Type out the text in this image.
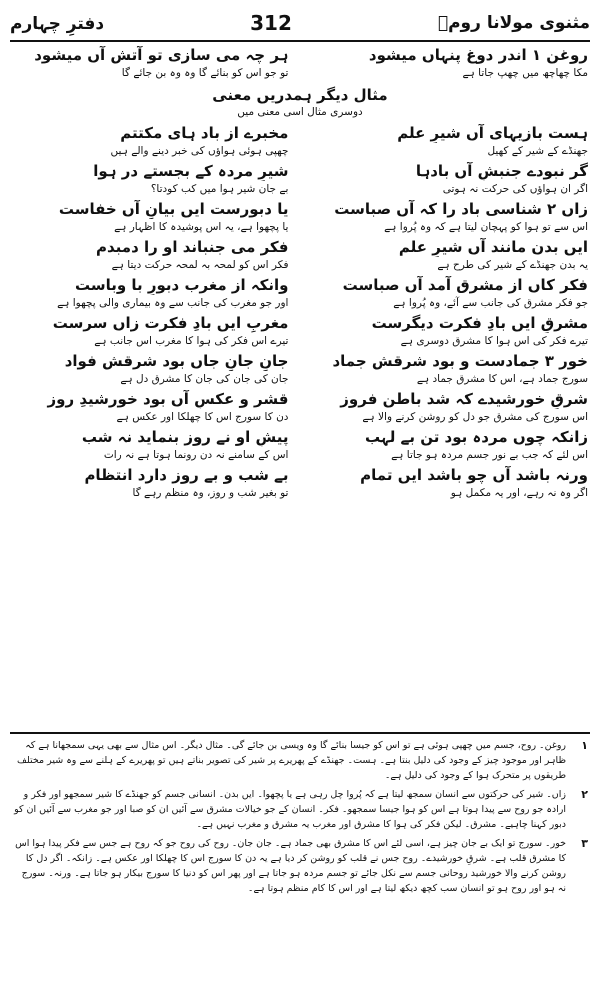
مثنوی مولانا رومؒ
312
دفترِ چہارم
روغن ١ اندر دوغ پنہاں میشود
مکا چھاچھ میں چھپ جاتا ہے
ہر چہ می سازی تو آتش آں میشود
تو جو اس کو بنائے گا وہ وہ بن جائے گا
مثال دیگر ہمدریں معنی
دوسری مثال اسی معنی میں
ہست بازیہای آں شیرِ علم
جھنڈے کے شیر کے کھیل
مخبرے از باد ہای مکتتم
چھپی ہوئی ہواؤں کی خبر دینے والے ہیں
گر نبودے جنبشِ آں بادہا
اگر ان ہواؤں کی حرکت نہ ہوتی
شیرِ مردہ کے بجستے در ہوا
بے جان شیر ہوا میں کب کودتا؟
زاں ٢ شناسی باد را کہ آں صباست
اس سے تو ہوا کو پہچان لیتا ہے کہ وہ پُروا ہے
یا دبورست ایں بیانِ آں خفاست
یا پچھوا ہے، یہ اس پوشیدہ کا اظہار ہے
ایں بدن مانند آں شیرِ علم
یہ بدن جھنڈے کے شیر کی طرح ہے
فکر می جنباند او را دمبدم
فکر اس کو لمحہ بہ لمحہ حرکت دیتا ہے
فکر کاں از مشرق آمد آں صباست
جو فکر مشرق کی جانب سے آئے، وہ پُروا ہے
وانکہ از مغرب دبورِ با وباست
اور جو مغرب کی جانب سے وہ بیماری والی پچھوا ہے
مشرقِ ایں بادِ فکرت دیگرست
تیرے فکر کی اس ہوا کا مشرق دوسری ہے
مغربِ ایں بادِ فکرت زاں سرست
تیرے اس فکر کی ہوا کا مغرب اس جانب ہے
خور ٣ جمادست و بود شرقش جماد
سورج جماد ہے، اس کا مشرق جماد ہے
جانِ جانِ جاں بود شرقش فواد
جان کی جان کی جان کا مشرق دل ہے
شرقِ خورشیدے کہ شد باطن فروز
اس سورج کی مشرق جو دل کو روشن کرنے والا ہے
قشر و عکسِ آں بود خورشیدِ روز
دن کا سورج اس کا چھلکا اور عکس ہے
زانکہ چوں مردہ بود تن بے لہب
اس لئے کہ جب بے نور جسم مردہ ہو جاتا ہے
پیشِ او نے روز بنماید نہ شب
اس کے سامنے نہ دن رونما ہوتا ہے نہ رات
ورنہ باشد آں چو باشد ایں تمام
اگر وہ نہ رہے، اور یہ مکمل ہو
بے شب و بے روز دارد انتظام
تو بغیر شب و روز، وہ منظم رہے گا
١
روغن۔ روح، جسم میں چھپی ہوئی ہے تو اس کو جیسا بنائے گا وہ ویسی بن جائے گی۔ مثال دیگر۔ اس مثال سے بھی یہی سمجھانا ہے کہ ظاہر اور موجود چیز کے وجود کی دلیل بنتا ہے۔ ہست۔ جھنڈے کے پھریرے پر شیر کی تصویر بناتے ہیں تو پھریرے کے ہلنے سے وہ شیر مختلف طریقوں پر متحرک ہوا کے وجود کی دلیل ہے۔
٢
زاں۔ شیر کی حرکتوں سے انسان سمجھ لیتا ہے کہ پُروا چل رہی ہے یا پچھوا۔ ایں بدن۔ انسانی جسم کو جھنڈے کا شیر سمجھو اور فکر و ارادہ جو روح سے پیدا ہوتا ہے اس کو ہوا جیسا سمجھو۔ فکر۔ انسان کے جو خیالات مشرق سے آئیں ان کو صبا اور جو مغرب سے آئیں ان کو دبور کہنا چاہیے۔ مشرق۔ لیکن فکر کی ہوا کا مشرق اور مغرب یہ مشرق و مغرب نہیں ہے۔
٣
خور۔ سورج تو ایک بے جان چیز ہے، اسی لئے اس کا مشرق بھی جماد ہے۔ جان جان۔ روح کی روح جو کہ روح ہے جس سے فکر پیدا ہوا اس کا مشرق قلب ہے۔ شرقِ خورشیدے۔ روح جس نے قلب کو روشن کر دیا ہے یہ دن کا سورج اس کا چھلکا اور عکس ہے۔ زانکہ۔ اگر دل کا روشن کرنے والا خورشید روحانی جسم سے نکل جائے تو جسم مردہ ہو جاتا ہے اور پھر اس کو دنیا کا سورج بیکار ہو جاتا ہے۔ ورنہ۔ سورج نہ ہو اور روح ہو تو انسان سب کچھ دیکھ لیتا ہے اور اس کا کام منظم ہوتا ہے۔
